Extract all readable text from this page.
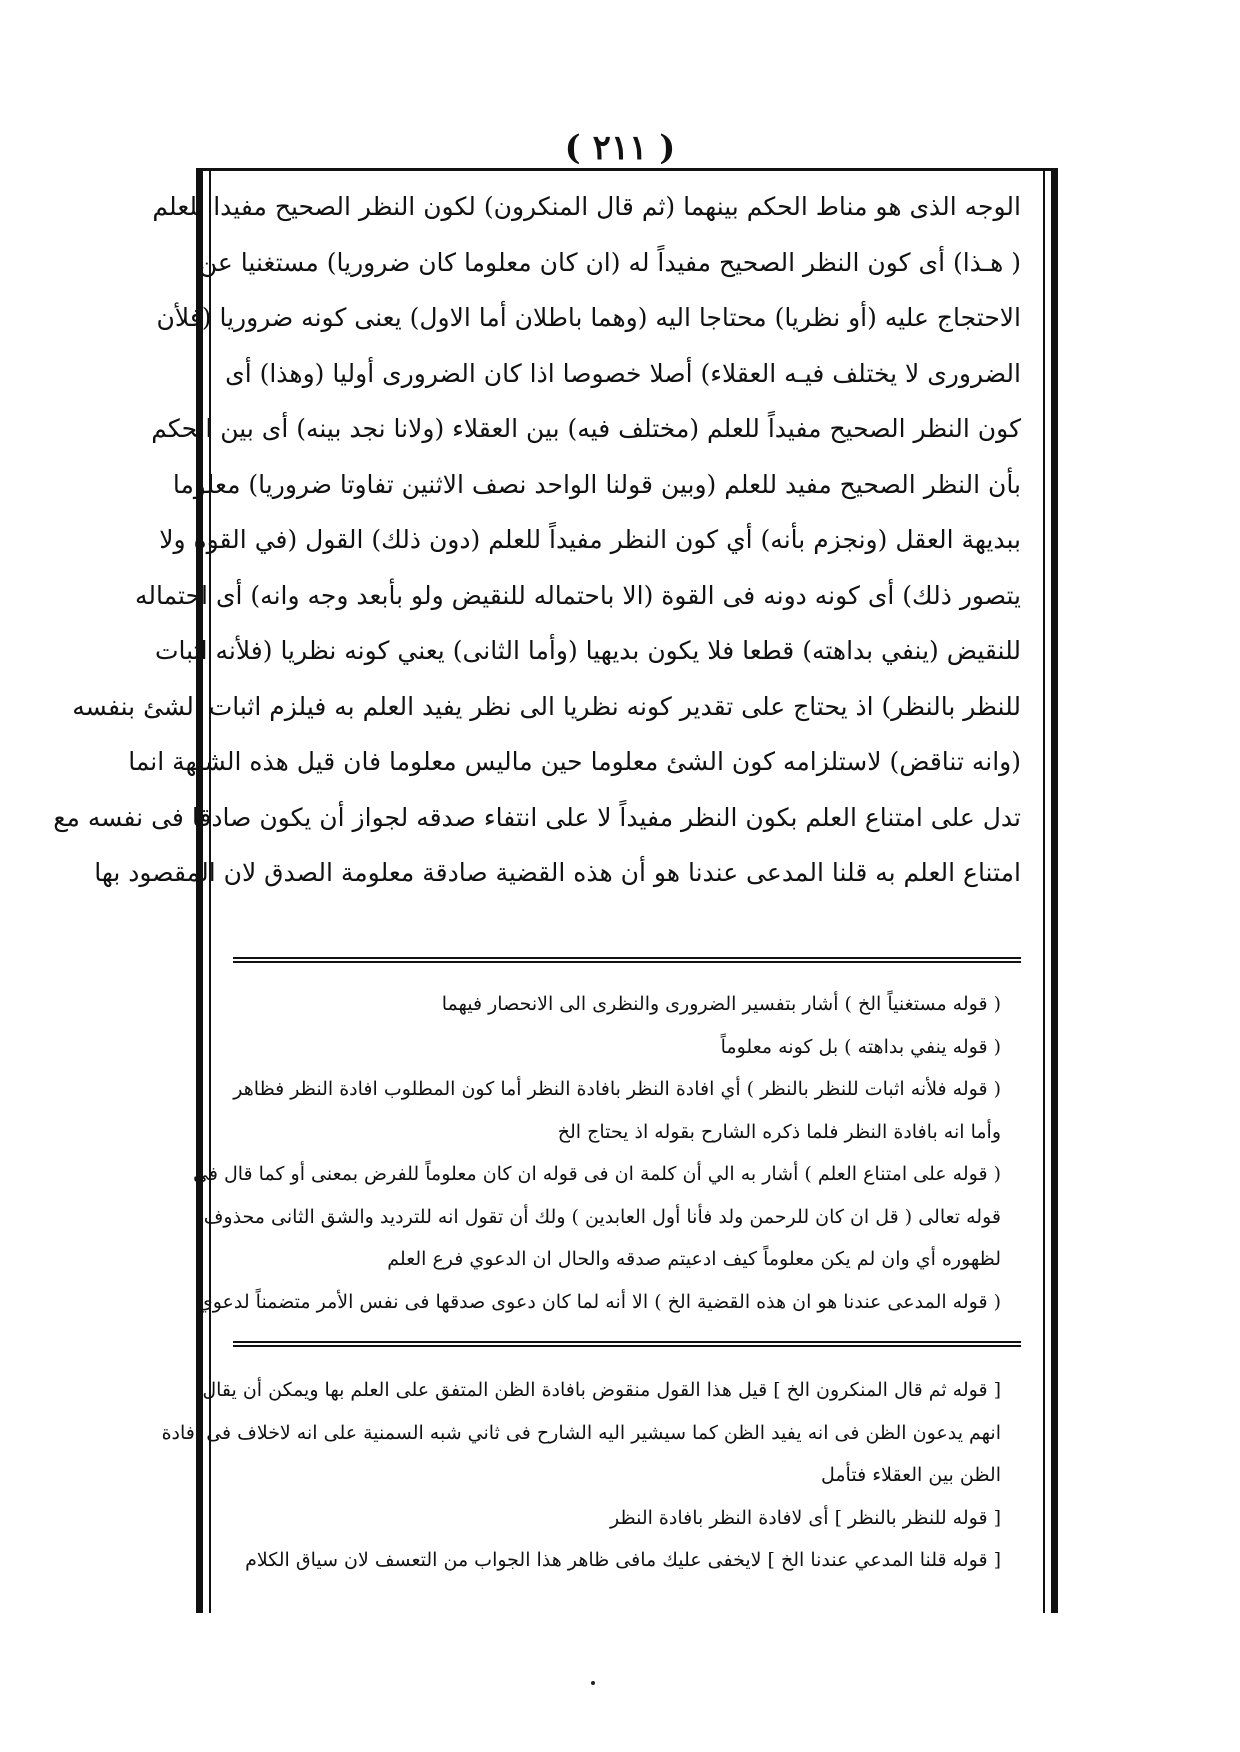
( ٢١١ )
الوجه الذى هو مناط الحكم بينهما (ثم قال المنكرون) لكون النظر الصحيح مفيدا للعلم
( هـذا) أى كون النظر الصحيح مفيداً له (ان كان معلوما كان ضروريا) مستغنيا عن
الاحتجاج عليه (أو نظريا) محتاجا اليه (وهما باطلان أما الاول) يعنى كونه ضروريا (فلأن
الضرورى لا يختلف فيـه العقلاء) أصلا خصوصا اذا كان الضرورى أوليا (وهذا) أى
كون النظر الصحيح مفيداً للعلم (مختلف فيه) بين العقلاء (ولانا نجد بينه) أى بين الحكم
بأن النظر الصحيح مفيد للعلم (وبين قولنا الواحد نصف الاثنين تفاوتا ضروريا) معلوما
ببديهة العقل (ونجزم بأنه) أي كون النظر مفيداً للعلم (دون ذلك) القول (في القوة ولا
يتصور ذلك) أى كونه دونه فى القوة (الا باحتماله للنقيض ولو بأبعد وجه وانه) أى احتماله
للنقيض (ينفي بداهته) قطعا فلا يكون بديهيا (وأما الثانى) يعني كونه نظريا (فلأنه اثبات
للنظر بالنظر) اذ يحتاج على تقدير كونه نظريا الى نظر يفيد العلم به فيلزم اثبات الشئ بنفسه
(وانه تناقض) لاستلزامه كون الشئ معلوما حين ماليس معلوما فان قيل هذه الشبهة انما
تدل على امتناع العلم بكون النظر مفيداً لا على انتفاء صدقه لجواز أن يكون صادقا فى نفسه مع
امتناع العلم به قلنا المدعى عندنا هو أن هذه القضية صادقة معلومة الصدق لان المقصود بها
( قوله مستغنياً الخ ) أشار بتفسير الضرورى والنظرى الى الانحصار فيهما
( قوله ينفي بداهته ) بل كونه معلوماً
( قوله فلأنه اثبات للنظر بالنظر ) أي افادة النظر بافادة النظر أما كون المطلوب افادة النظر فظاهر
وأما انه بافادة النظر فلما ذكره الشارح بقوله اذ يحتاج الخ
( قوله على امتناع العلم ) أشار به الي أن كلمة ان فى قوله ان كان معلوماً للفرض بمعنى أو كما قال فى
قوله تعالى ( قل ان كان للرحمن ولد فأنا أول العابدين ) ولك أن تقول انه للترديد والشق الثانى محذوف
لظهوره أي وان لم يكن معلوماً كيف ادعيتم صدقه والحال ان الدعوي فرع العلم
( قوله المدعى عندنا هو ان هذه القضية الخ ) الا أنه لما كان دعوى صدقها فى نفس الأمر متضمناً لدعوي
[ قوله ثم قال المنكرون الخ ] قيل هذا القول منقوض بافادة الظن المتفق على العلم بها ويمكن أن يقال
انهم يدعون الظن فى انه يفيد الظن كما سيشير اليه الشارح فى ثاني شبه السمنية على انه لاخلاف فى افادة
الظن بين العقلاء فتأمل
[ قوله للنظر بالنظر ] أى لافادة النظر بافادة النظر
[ قوله قلنا المدعي عندنا الخ ] لايخفى عليك مافى ظاهر هذا الجواب من التعسف لان سياق الكلام
